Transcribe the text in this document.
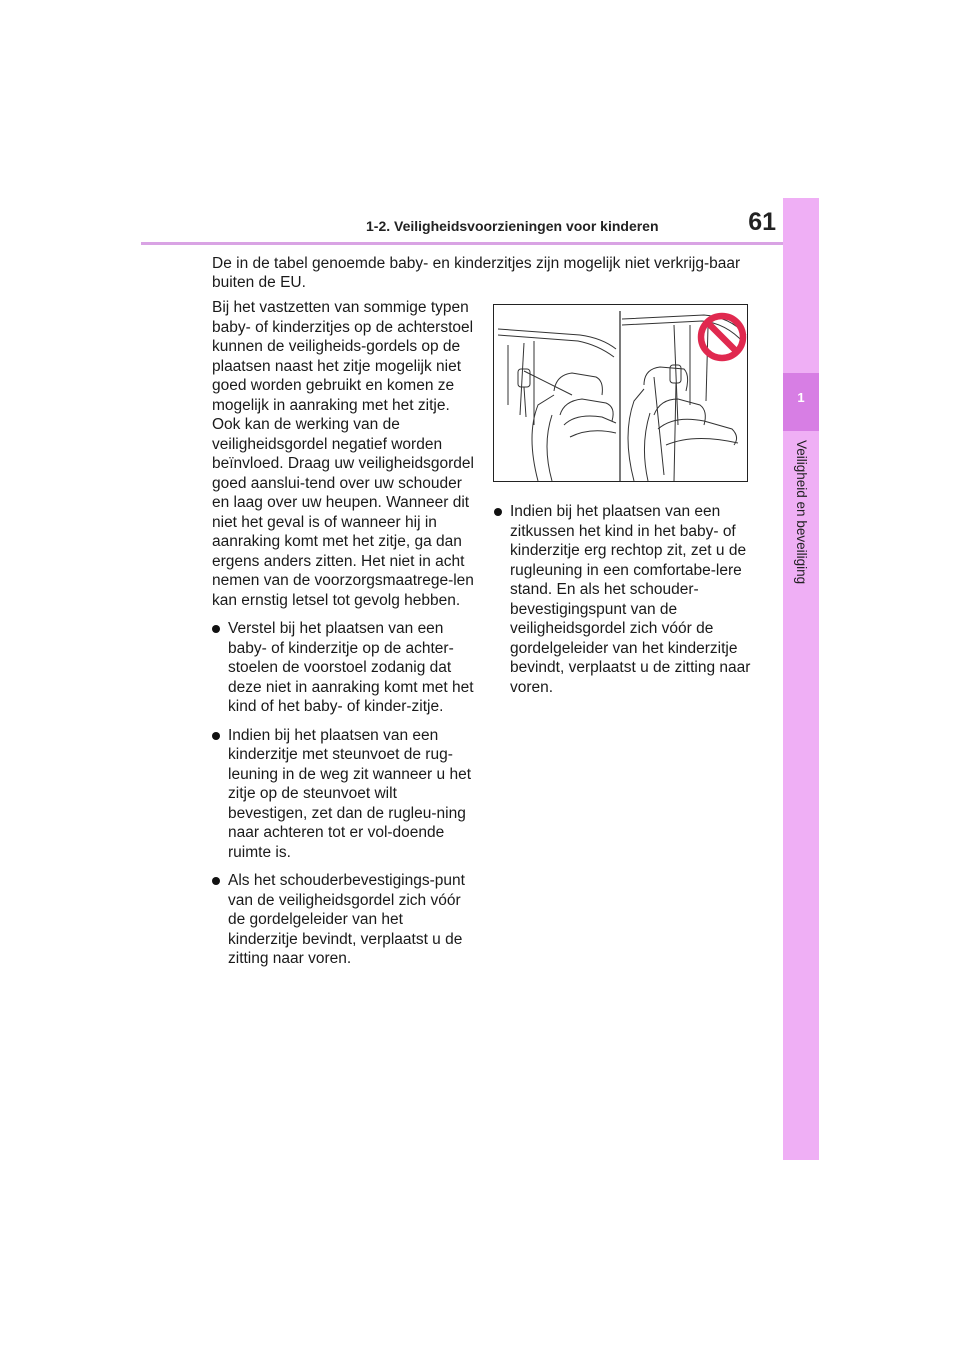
1-2. Veiligheidsvoorzieningen voor kinderen	61
1
Veiligheid en beveiliging
De in de tabel genoemde baby- en kinderzitjes zijn mogelijk niet verkrijg-baar buiten de EU.

Bij het vastzetten van sommige typen baby- of kinderzitjes op de achterstoel kunnen de veiligheids-gordels op de plaatsen naast het zitje mogelijk niet goed worden gebruikt en komen ze mogelijk in aanraking met het zitje. Ook kan de werking van de veiligheidsgordel negatief worden beïnvloed. Draag uw veiligheidsgordel goed aanslui-tend over uw schouder en laag over uw heupen. Wanneer dit niet het geval is of wanneer hij in aanraking komt met het zitje, ga dan ergens anders zitten. Het niet in acht nemen van de voorzorgsmaatrege-len kan ernstig letsel tot gevolg hebben.

Verstel bij het plaatsen van een baby- of kinderzitje op de achter-stoelen de voorstoel zodanig dat deze niet in aanraking komt met het kind of het baby- of kinder-zitje.
Indien bij het plaatsen van een kinderzitje met steunvoet de rug-leuning in de weg zit wanneer u het zitje op de steunvoet wilt bevestigen, zet dan de rugleu-ning naar achteren tot er vol-doende ruimte is.
Als het schouderbevestigings-punt van de veiligheidsgordel zich vóór de gordelgeleider van het kinderzitje bevindt, verplaatst u de zitting naar voren.
Indien bij het plaatsen van een zitkussen het kind in het baby- of kinderzitje erg rechtop zit, zet u de rugleuning in een comfortabe-lere stand. En als het schouder-bevestigingspunt van de veiligheidsgordel zich vóór de gordelgeleider van het kinderzitje bevindt, verplaatst u de zitting naar voren.
